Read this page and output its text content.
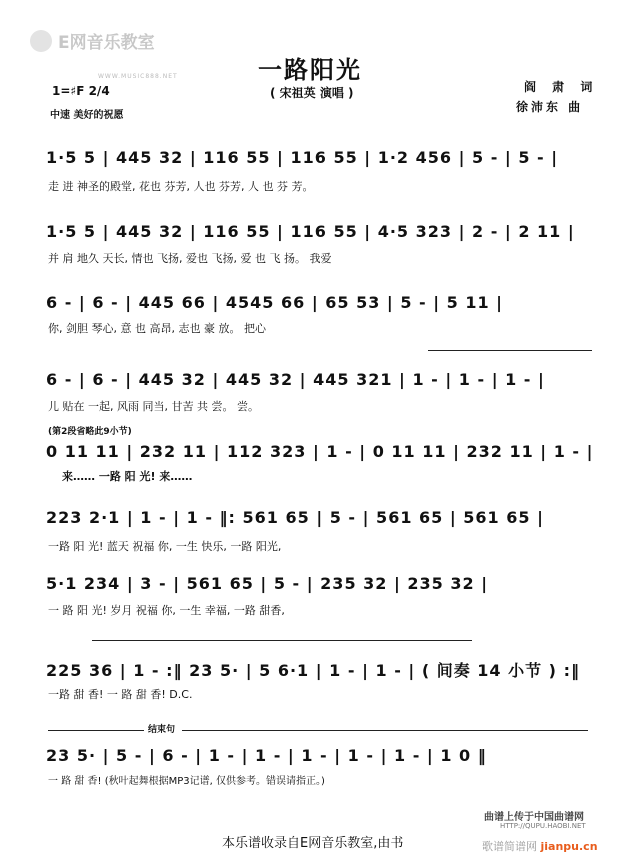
E网音乐教室
WWW.MUSIC888.NET	一路阳光
( 宋祖英 演唱 )	阎 肃 词
徐沛东 曲
1=♯F 2/4
中速 美好的祝愿
1·5 5 | 445 32 | 116 55 | 116 55 | 1·2 456 | 5 - | 5 - |
走 进 神圣的殿堂, 花也 芬芳, 人也 芬芳, 人 也 芬 芳。
1·5 5 | 445 32 | 116 55 | 116 55 | 4·5 323 | 2 - | 2 11 |
并 肩 地久 天长, 情也 飞扬, 爱也 飞扬, 爱 也 飞 扬。 我爱
6 - | 6 - | 445 66 | 4545 66 | 65 53 | 5 - | 5 11 |
你, 剑胆 琴心, 意 也 高昂, 志也 豪 放。 把心
6 - | 6 - | 445 32 | 445 32 | 445 321 | 1 - | 1 - | 1 - |
儿 贴在 一起, 风雨 同当, 甘苦 共 尝。 尝。
(第2段省略此9小节)
0 11 11 | 232 11 | 112 323 | 1 - | 0 11 11 | 232 11 | 1 - |
来…… 一路 阳 光! 来……
223 2·1 | 1 - | 1 - ‖: 561 65 | 5 - | 561 65 | 561 65 |
一路 阳 光! 蓝天 祝福 你, 一生 快乐, 一路 阳光,
5·1 234 | 3 - | 561 65 | 5 - | 235 32 | 235 32 |
一 路 阳 光! 岁月 祝福 你, 一生 幸福, 一路 甜香,
225 36 | 1 - :‖ 23 5· | 5 6·1 | 1 - | 1 - | ( 间奏 14 小节 ) :‖
一路 甜 香! 一 路 甜 香! D.C.
结束句
23 5· | 5 - | 6 - | 1 - | 1 - | 1 - | 1 - | 1 - | 1 0 ‖
一 路 甜 香! (秋叶起舞根据MP3记谱, 仅供参考。错误请指正。)
曲谱上传于中国曲谱网
HTTP://QUPU.HAOBI.NET
歌谱简谱网 jianpu.cn
本乐谱收录自E网音乐教室,由书
